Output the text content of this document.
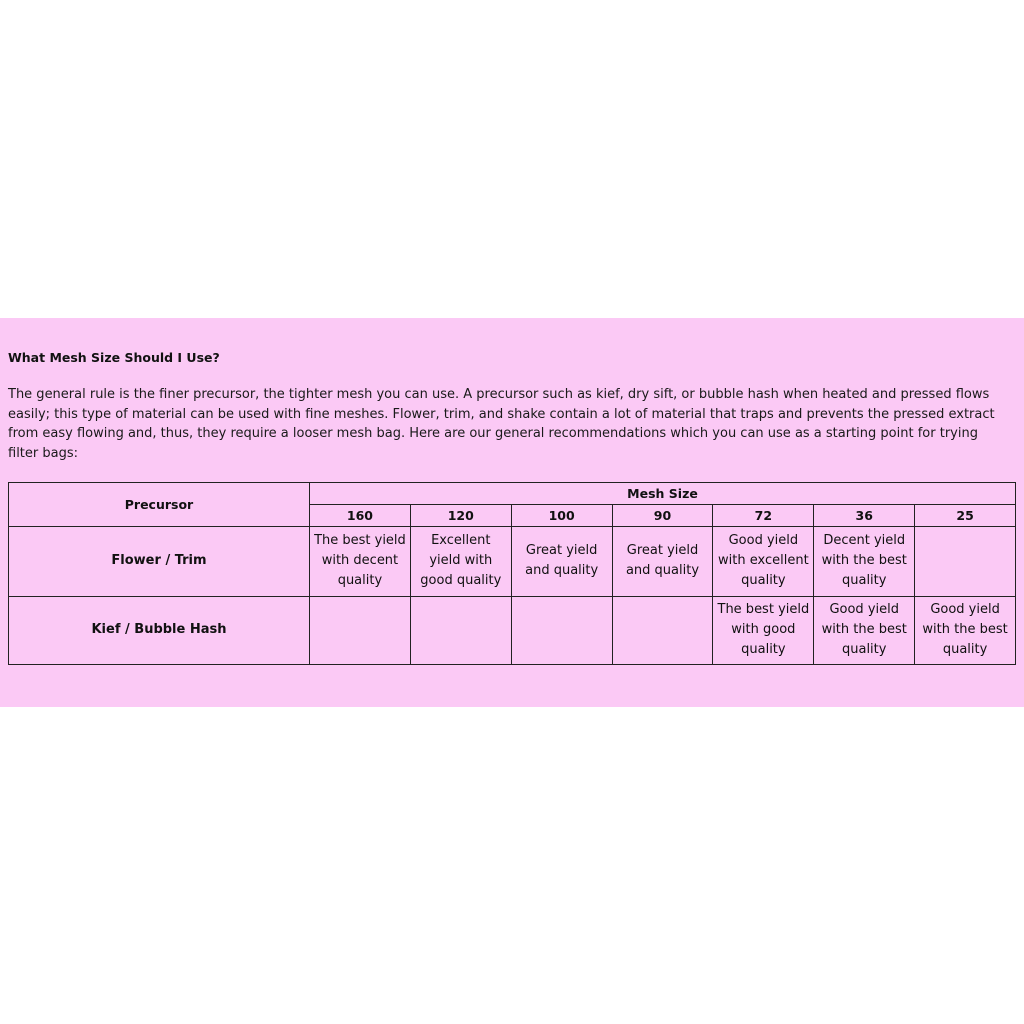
What Mesh Size Should I Use?

The general rule is the finer precursor, the tighter mesh you can use. A precursor such as kief, dry sift, or bubble hash when heated and pressed flows easily; this type of material can be used with fine meshes. Flower, trim, and shake contain a lot of material that traps and prevents the pressed extract from easy flowing and, thus, they require a looser mesh bag. Here are our general recommendations which you can use as a starting point for trying filter bags:

Precursor	Mesh Size						
	160	120	100	90	72	36	25
Flower / Trim	The best yield with decent quality	Excellent yield with good quality	Great yield and quality	Great yield and quality	Good yield with excellent quality	Decent yield with the best quality	
Kief / Bubble Hash					The best yield with good quality	Good yield with the best quality	Good yield with the best quality
